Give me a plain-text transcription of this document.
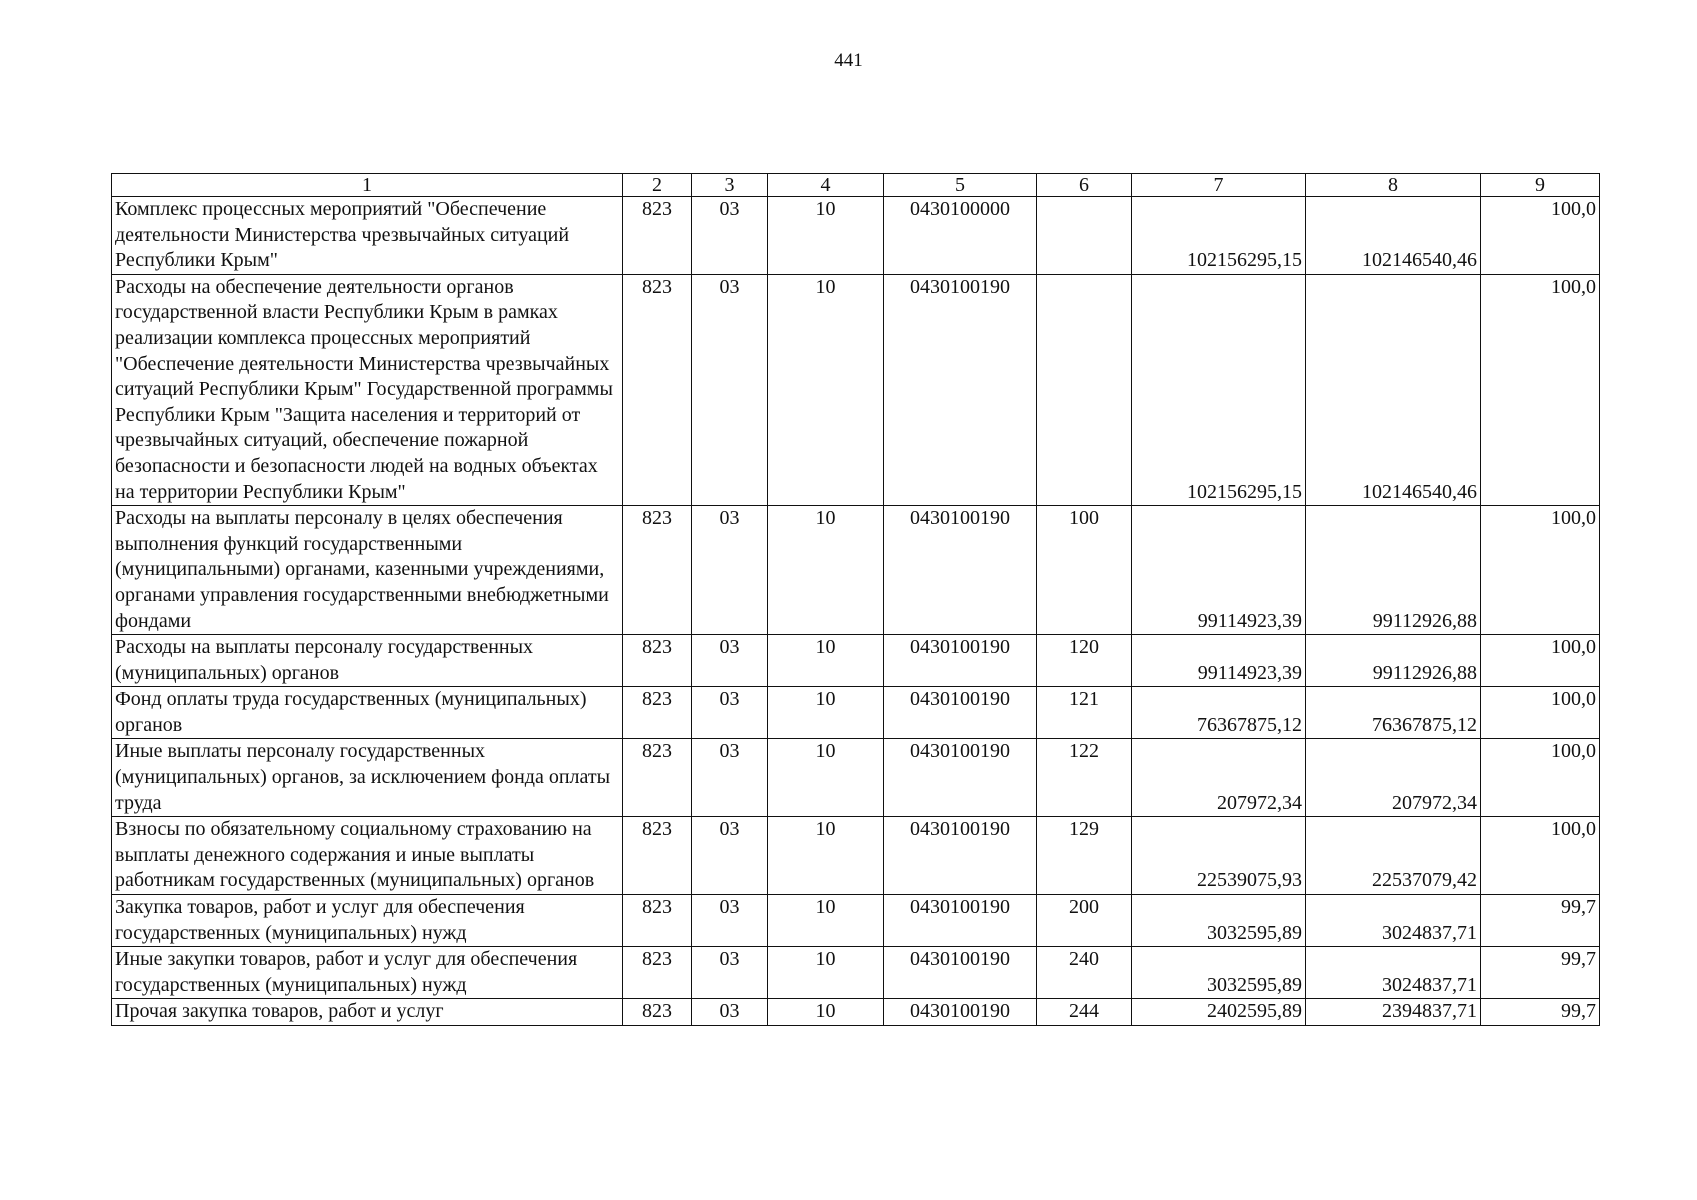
441
1	2	3	4	5	6	7	8	9
Комплекс процессных мероприятий "Обеспечение деятельности Министерства чрезвычайных ситуаций Республики Крым"	823	03	10	0430100000		102156295,15	102146540,46	100,0
Расходы на обеспечение деятельности органов государственной власти Республики Крым в рамках реализации комплекса процессных мероприятий "Обеспечение деятельности Министерства чрезвычайных ситуаций Республики Крым" Государственной программы Республики Крым "Защита населения и территорий от чрезвычайных ситуаций, обеспечение пожарной безопасности и безопасности людей на водных объектах на территории Республики Крым"	823	03	10	0430100190		102156295,15	102146540,46	100,0
Расходы на выплаты персоналу в целях обеспечения выполнения функций государственными (муниципальными) органами, казенными учреждениями, органами управления государственными внебюджетными фондами	823	03	10	0430100190	100	99114923,39	99112926,88	100,0
Расходы на выплаты персоналу государственных (муниципальных) органов	823	03	10	0430100190	120	99114923,39	99112926,88	100,0
Фонд оплаты труда государственных (муниципальных) органов	823	03	10	0430100190	121	76367875,12	76367875,12	100,0
Иные выплаты персоналу государственных (муниципальных) органов, за исключением фонда оплаты труда	823	03	10	0430100190	122	207972,34	207972,34	100,0
Взносы по обязательному социальному страхованию на выплаты денежного содержания и иные выплаты работникам государственных (муниципальных) органов	823	03	10	0430100190	129	22539075,93	22537079,42	100,0
Закупка товаров, работ и услуг для обеспечения государственных (муниципальных) нужд	823	03	10	0430100190	200	3032595,89	3024837,71	99,7
Иные закупки товаров, работ и услуг для обеспечения государственных (муниципальных) нужд	823	03	10	0430100190	240	3032595,89	3024837,71	99,7
Прочая закупка товаров, работ и услуг	823	03	10	0430100190	244	2402595,89	2394837,71	99,7
